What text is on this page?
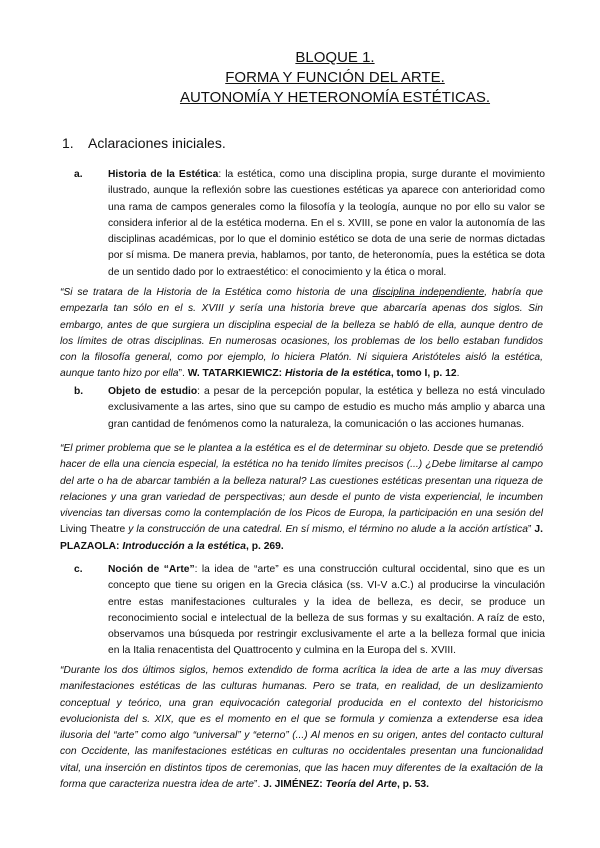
BLOQUE 1.
FORMA Y FUNCIÓN DEL ARTE.
AUTONOMÍA Y HETERONOMÍA ESTÉTICAS.
1. Aclaraciones iniciales.
a. Historia de la Estética: la estética, como una disciplina propia, surge durante el movimiento ilustrado, aunque la reflexión sobre las cuestiones estéticas ya aparece con anterioridad como una rama de campos generales como la filosofía y la teología, aunque no por ello su valor se considera inferior al de la estética moderna. En el s. XVIII, se pone en valor la autonomía de las disciplinas académicas, por lo que el dominio estético se dota de una serie de normas dictadas por sí misma. De manera previa, hablamos, por tanto, de heteronomía, pues la estética se dota de un sentido dado por lo extraestético: el conocimiento y la ética o moral.

“Si se tratara de la Historia de la Estética como historia de una disciplina independiente, habría que empezarla tan sólo en el s. XVIII y sería una historia breve que abarcaría apenas dos siglos. Sin embargo, antes de que surgiera un disciplina especial de la belleza se habló de ella, aunque dentro de los límites de otras disciplinas. En numerosas ocasiones, los problemas de los bello estaban fundidos con la filosofía general, como por ejemplo, lo hiciera Platón. Ni siquiera Aristóteles aisló la estética, aunque tanto hizo por ella”. W. TATARKIEWICZ: Historia de la estética, tomo I, p. 12.

b. Objeto de estudio: a pesar de la percepción popular, la estética y belleza no está vinculado exclusivamente a las artes, sino que su campo de estudio es mucho más amplio y abarca una gran cantidad de fenómenos como la naturaleza, la comunicación o las acciones humanas.

“El primer problema que se le plantea a la estética es el de determinar su objeto. Desde que se pretendió hacer de ella una ciencia especial, la estética no ha tenido límites precisos (...) ¿Debe limitarse al campo del arte o ha de abarcar también a la belleza natural? Las cuestiones estéticas presentan una riqueza de relaciones y una gran variedad de perspectivas; aun desde el punto de vista experiencial, le incumben vivencias tan diversas como la contemplación de los Picos de Europa, la participación en una sesión del Living Theatre y la construcción de una catedral. En sí mismo, el término no alude a la acción artística” J. PLAZAOLA: Introducción a la estética, p. 269.

c. Noción de “Arte”: la idea de “arte” es una construcción cultural occidental, sino que es un concepto que tiene su origen en la Grecia clásica (ss. VI-V a.C.) al producirse la vinculación entre estas manifestaciones culturales y la idea de belleza, es decir, se produce un reconocimiento social e intelectual de la belleza de sus formas y su exaltación. A raíz de esto, observamos una búsqueda por restringir exclusivamente el arte a la belleza formal que inicia en la Italia renacentista del Quattrocento y culmina en la Europa del s. XVIII.

“Durante los dos últimos siglos, hemos extendido de forma acrítica la idea de arte a las muy diversas manifestaciones estéticas de las culturas humanas. Pero se trata, en realidad, de un deslizamiento conceptual y teórico, una gran equivocación categorial producida en el contexto del historicismo evolucionista del s. XIX, que es el momento en el que se formula y comienza a extenderse esa idea ilusoria del “arte” como algo “universal” y “eterno” (...) Al menos en su origen, antes del contacto cultural con Occidente, las manifestaciones estéticas en culturas no occidentales presentan una funcionalidad vital, una inserción en distintos tipos de ceremonias, que las hacen muy diferentes de la exaltación de la forma que caracteriza nuestra idea de arte”. J. JIMÉNEZ: Teoría del Arte, p. 53.
